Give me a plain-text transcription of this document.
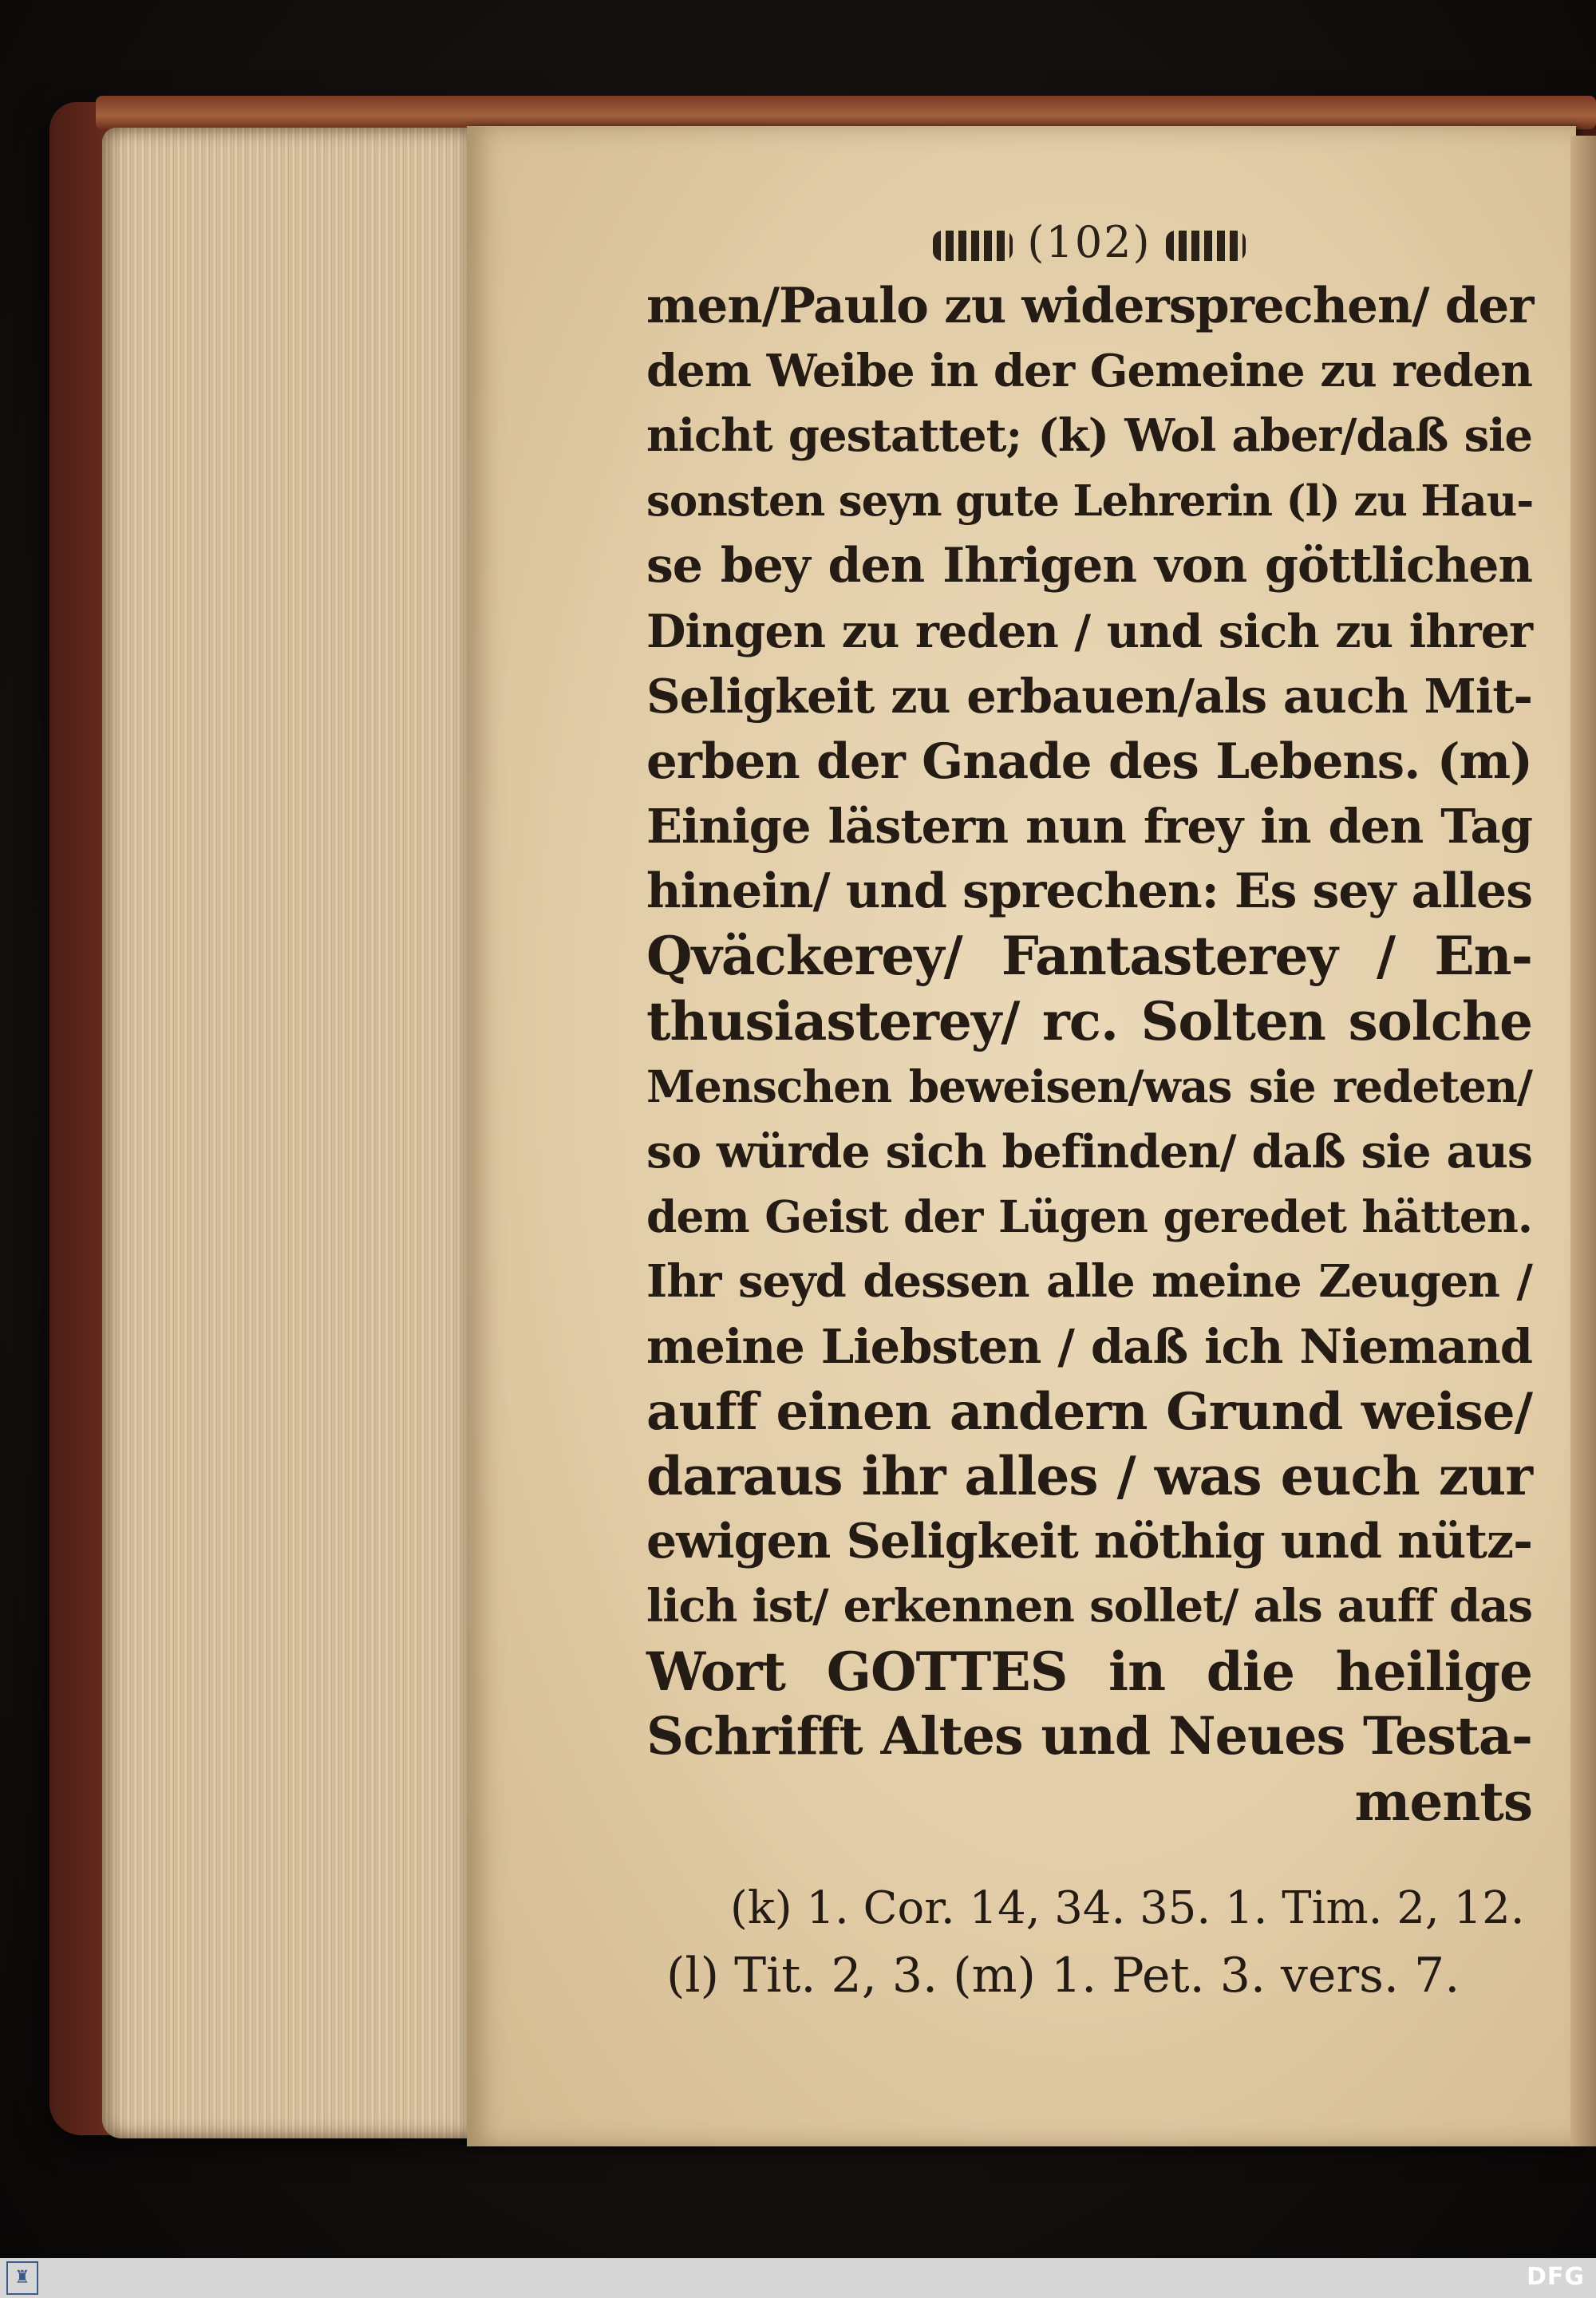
(102)
men/Paulo zu widersprechen/ der
dem Weibe in der Gemeine zu reden
nicht gestattet; (k) Wol aber/daß sie
sonsten seyn gute Lehrerin (l) zu Hau-
se bey den Ihrigen von göttlichen
Dingen zu reden / und sich zu ihrer
Seligkeit zu erbauen/als auch Mit-
erben der Gnade des Lebens. (m)
Einige lästern nun frey in den Tag
hinein/ und sprechen: Es sey alles
Qväckerey/ Fantasterey / En-
thusiasterey/ rc. Solten solche
Menschen beweisen/was sie redeten/
so würde sich befinden/ daß sie aus
dem Geist der Lügen geredet hätten.
Ihr seyd dessen alle meine Zeugen /
meine Liebsten / daß ich Niemand
auff einen andern Grund weise/
daraus ihr alles / was euch zur
ewigen Seligkeit nöthig und nütz-
lich ist/ erkennen sollet/ als auff das
Wort GOTTES in die heilige
Schrifft Altes und Neues Testa-
ments
(k) 1. Cor. 14, 34. 35. 1. Tim. 2, 12.
(l) Tit. 2, 3. (m) 1. Pet. 3. vers. 7.
♜	DFG
